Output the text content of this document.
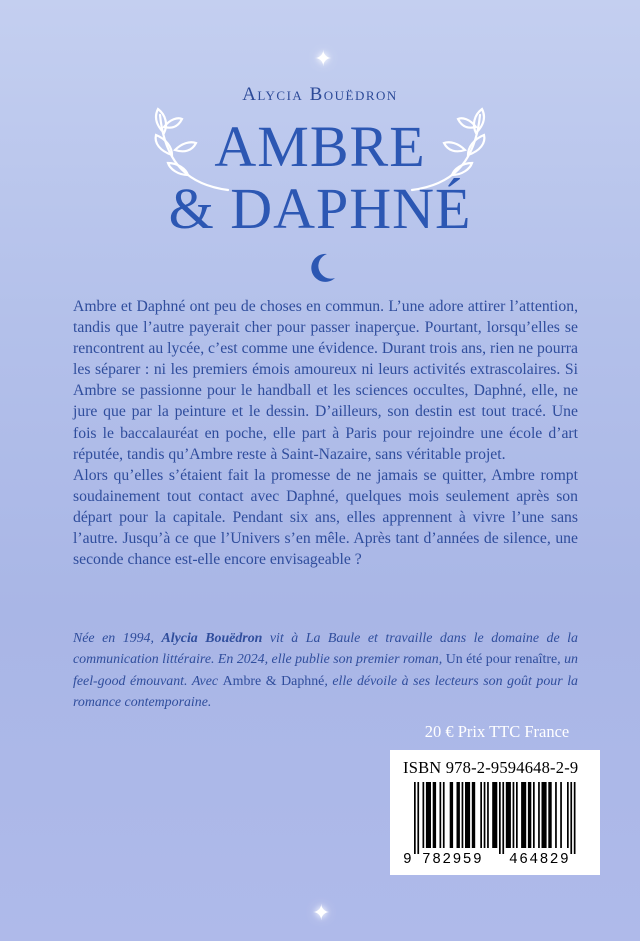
✦
Alycia Bouëdron
AMBRE
& DAPHNÉ

Ambre et Daphné ont peu de choses en commun. L’une adore attirer l’attention, tandis que l’autre payerait cher pour passer inaperçue. Pourtant, lorsqu’elles se rencontrent au lycée, c’est comme une évidence. Durant trois ans, rien ne pourra les séparer : ni les premiers émois amoureux ni leurs activités extrascolaires. Si Ambre se passionne pour le handball et les sciences occultes, Daphné, elle, ne jure que par la peinture et le dessin. D’ailleurs, son destin est tout tracé. Une fois le baccalauréat en poche, elle part à Paris pour rejoindre une école d’art réputée, tandis qu’Ambre reste à Saint-Nazaire, sans véritable projet.

Alors qu’elles s’étaient fait la promesse de ne jamais se quitter, Ambre rompt soudainement tout contact avec Daphné, quelques mois seulement après son départ pour la capitale. Pendant six ans, elles apprennent à vivre l’une sans l’autre. Jusqu’à ce que l’Univers s’en mêle. Après tant d’années de silence, une seconde chance est-elle encore envisageable ?

Née en 1994, Alycia Bouëdron vit à La Baule et travaille dans le domaine de la communication littéraire. En 2024, elle publie son premier roman, Un été pour renaître, un feel-good émouvant. Avec Ambre & Daphné, elle dévoile à ses lecteurs son goût pour la romance contemporaine.
20 € Prix TTC France
ISBN 978-2-9594648-2-9
9 782959 464829
✦
